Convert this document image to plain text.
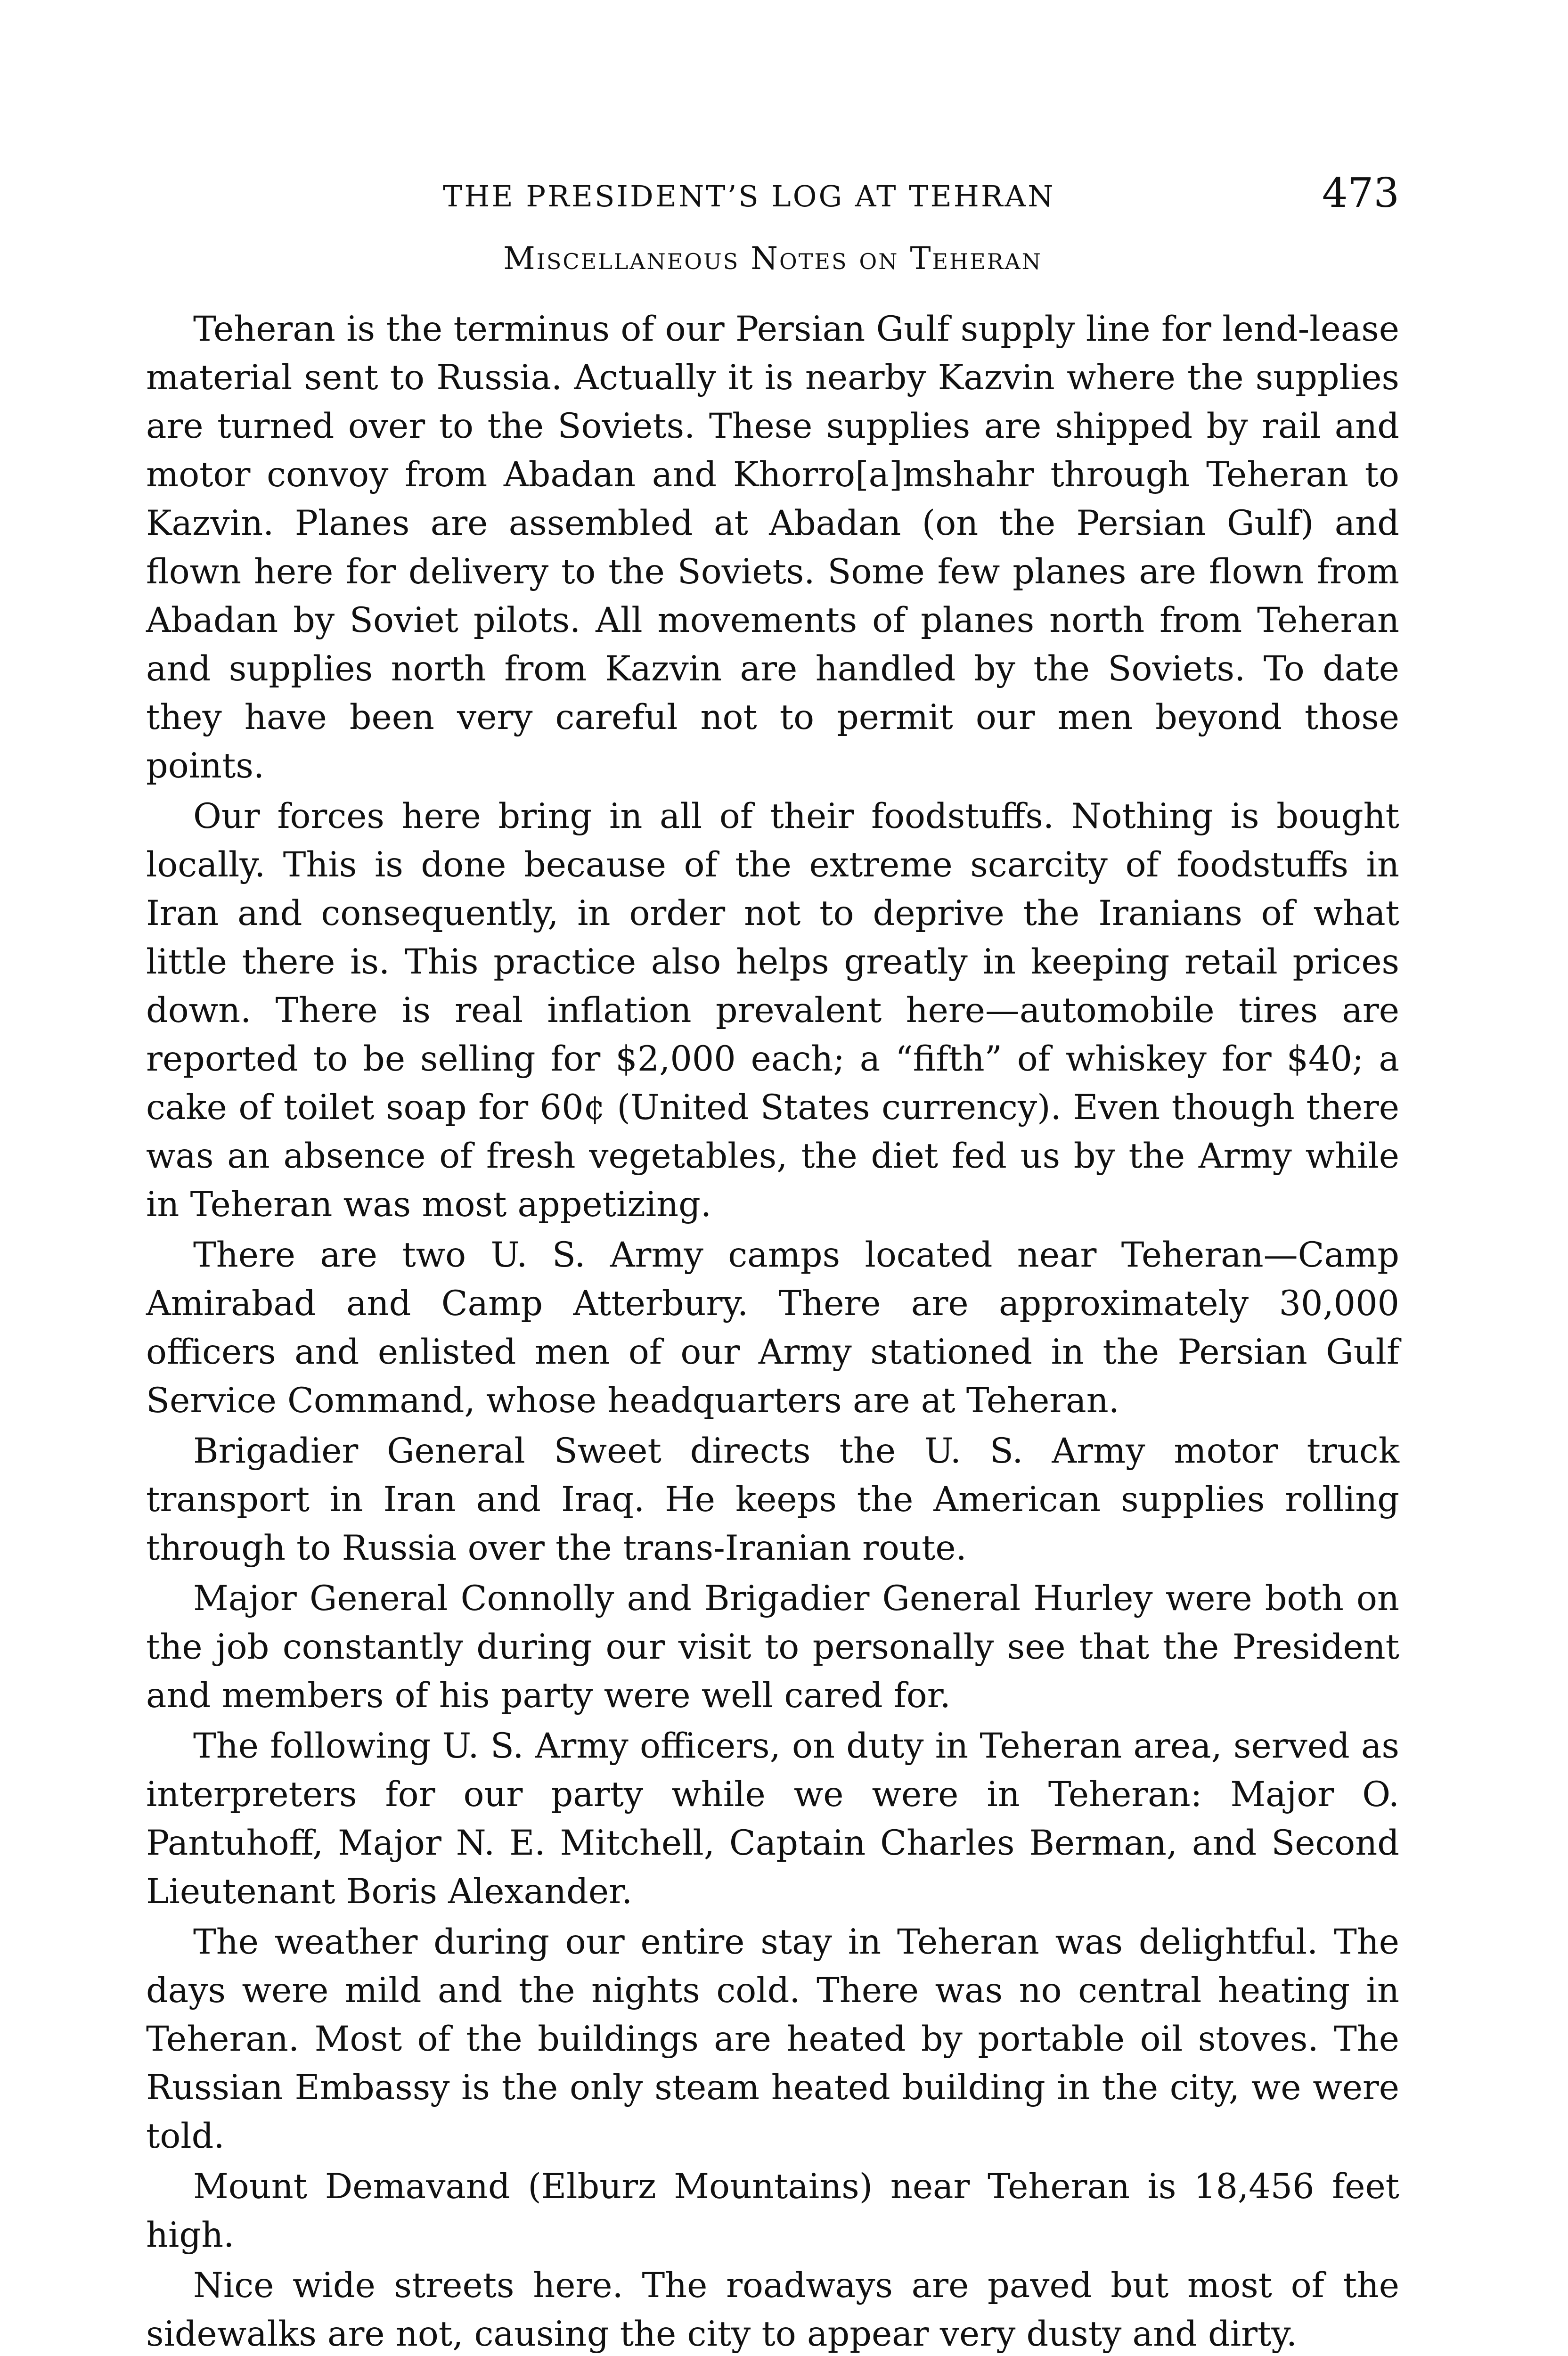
THE PRESIDENT’S LOG AT TEHRAN	473
Miscellaneous Notes on Teheran

Teheran is the terminus of our Persian Gulf supply line for lend-lease material sent to Russia. Actually it is nearby Kazvin where the supplies are turned over to the Soviets. These supplies are shipped by rail and motor convoy from Abadan and Khorro[a]mshahr through Teheran to Kazvin. Planes are assembled at Abadan (on the Persian Gulf) and flown here for delivery to the Soviets. Some few planes are flown from Abadan by Soviet pilots. All movements of planes north from Teheran and supplies north from Kazvin are handled by the Soviets. To date they have been very careful not to permit our men beyond those points.

Our forces here bring in all of their foodstuffs. Nothing is bought locally. This is done because of the extreme scarcity of foodstuffs in Iran and consequently, in order not to deprive the Iranians of what little there is. This practice also helps greatly in keeping retail prices down. There is real inflation prevalent here—automobile tires are reported to be selling for $2,000 each; a “fifth” of whiskey for $40; a cake of toilet soap for 60¢ (United States currency). Even though there was an absence of fresh vegetables, the diet fed us by the Army while in Teheran was most appetizing.

There are two U. S. Army camps located near Teheran—Camp Amirabad and Camp Atterbury. There are approximately 30,000 officers and enlisted men of our Army stationed in the Persian Gulf Service Command, whose headquarters are at Teheran.

Brigadier General Sweet directs the U. S. Army motor truck transport in Iran and Iraq. He keeps the American supplies rolling through to Russia over the trans-Iranian route.

Major General Connolly and Brigadier General Hurley were both on the job constantly during our visit to personally see that the President and members of his party were well cared for.

The following U. S. Army officers, on duty in Teheran area, served as interpreters for our party while we were in Teheran: Major O. Pantuhoff, Major N. E. Mitchell, Captain Charles Berman, and Second Lieutenant Boris Alexander.

The weather during our entire stay in Teheran was delightful. The days were mild and the nights cold. There was no central heating in Teheran. Most of the buildings are heated by portable oil stoves. The Russian Embassy is the only steam heated building in the city, we were told.

Mount Demavand (Elburz Mountains) near Teheran is 18,456 feet high.

Nice wide streets here. The roadways are paved but most of the sidewalks are not, causing the city to appear very dusty and dirty.
